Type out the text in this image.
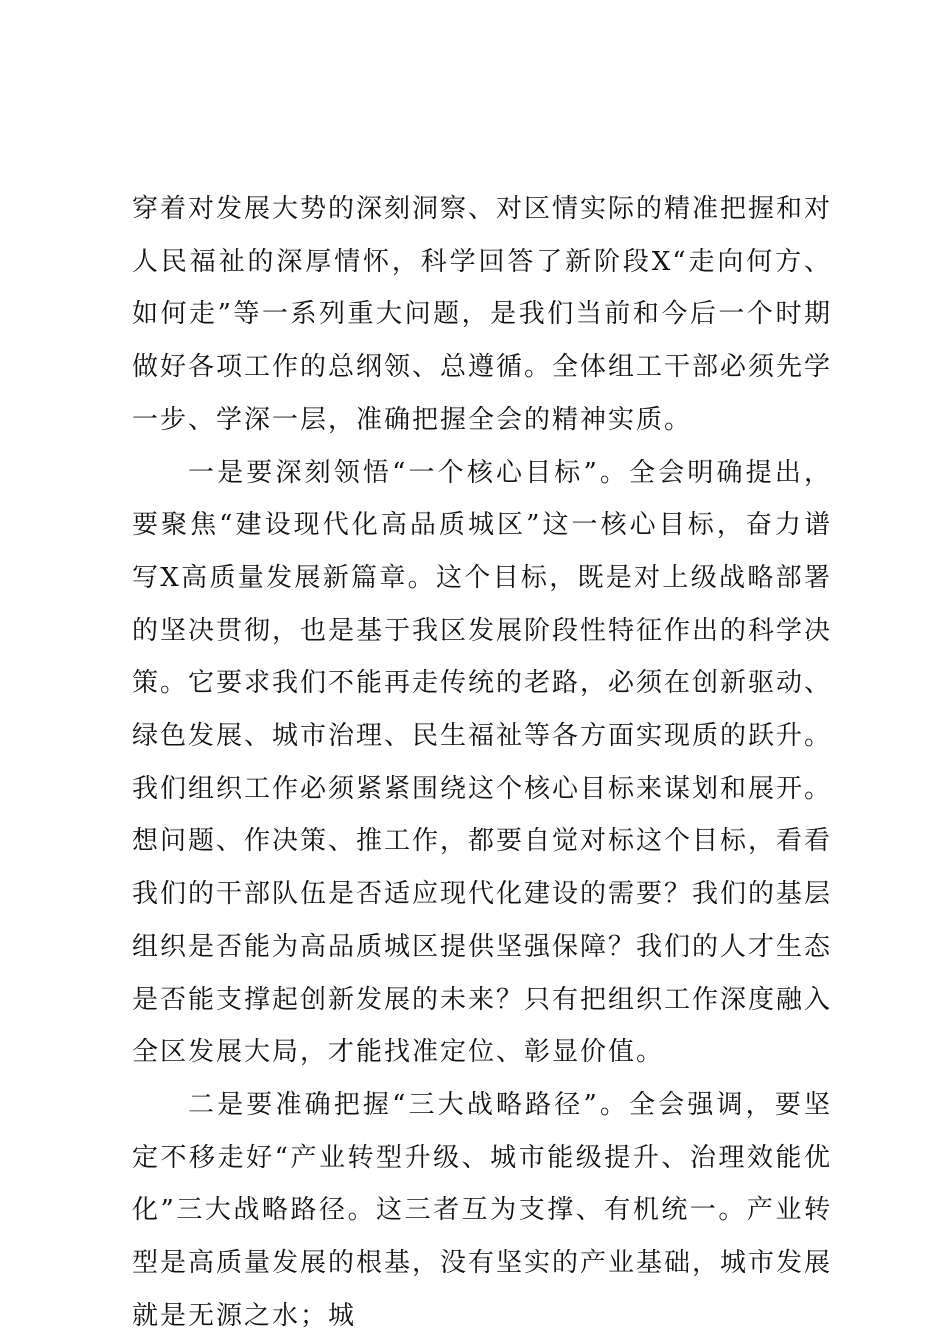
穿着对发展大势的深刻洞察、对区情实际的精准把握和对人民福祉的深厚情怀，科学回答了新阶段X“走向何方、如何走”等一系列重大问题，是我们当前和今后一个时期做好各项工作的总纲领、总遵循。全体组工干部必须先学一步、学深一层，准确把握全会的精神实质。

一是要深刻领悟“一个核心目标”。全会明确提出，要聚焦“建设现代化高品质城区”这一核心目标，奋力谱写X高质量发展新篇章。这个目标，既是对上级战略部署的坚决贯彻，也是基于我区发展阶段性特征作出的科学决策。它要求我们不能再走传统的老路，必须在创新驱动、绿色发展、城市治理、民生福祉等各方面实现质的跃升。我们组织工作必须紧紧围绕这个核心目标来谋划和展开。想问题、作决策、推工作，都要自觉对标这个目标，看看我们的干部队伍是否适应现代化建设的需要？我们的基层组织是否能为高品质城区提供坚强保障？我们的人才生态是否能支撑起创新发展的未来？只有把组织工作深度融入全区发展大局，才能找准定位、彰显价值。

二是要准确把握“三大战略路径”。全会强调，要坚定不移走好“产业转型升级、城市能级提升、治理效能优化”三大战略路径。这三者互为支撑、有机统一。产业转型是高质量发展的根基，没有坚实的产业基础，城市发展就是无源之水；城
